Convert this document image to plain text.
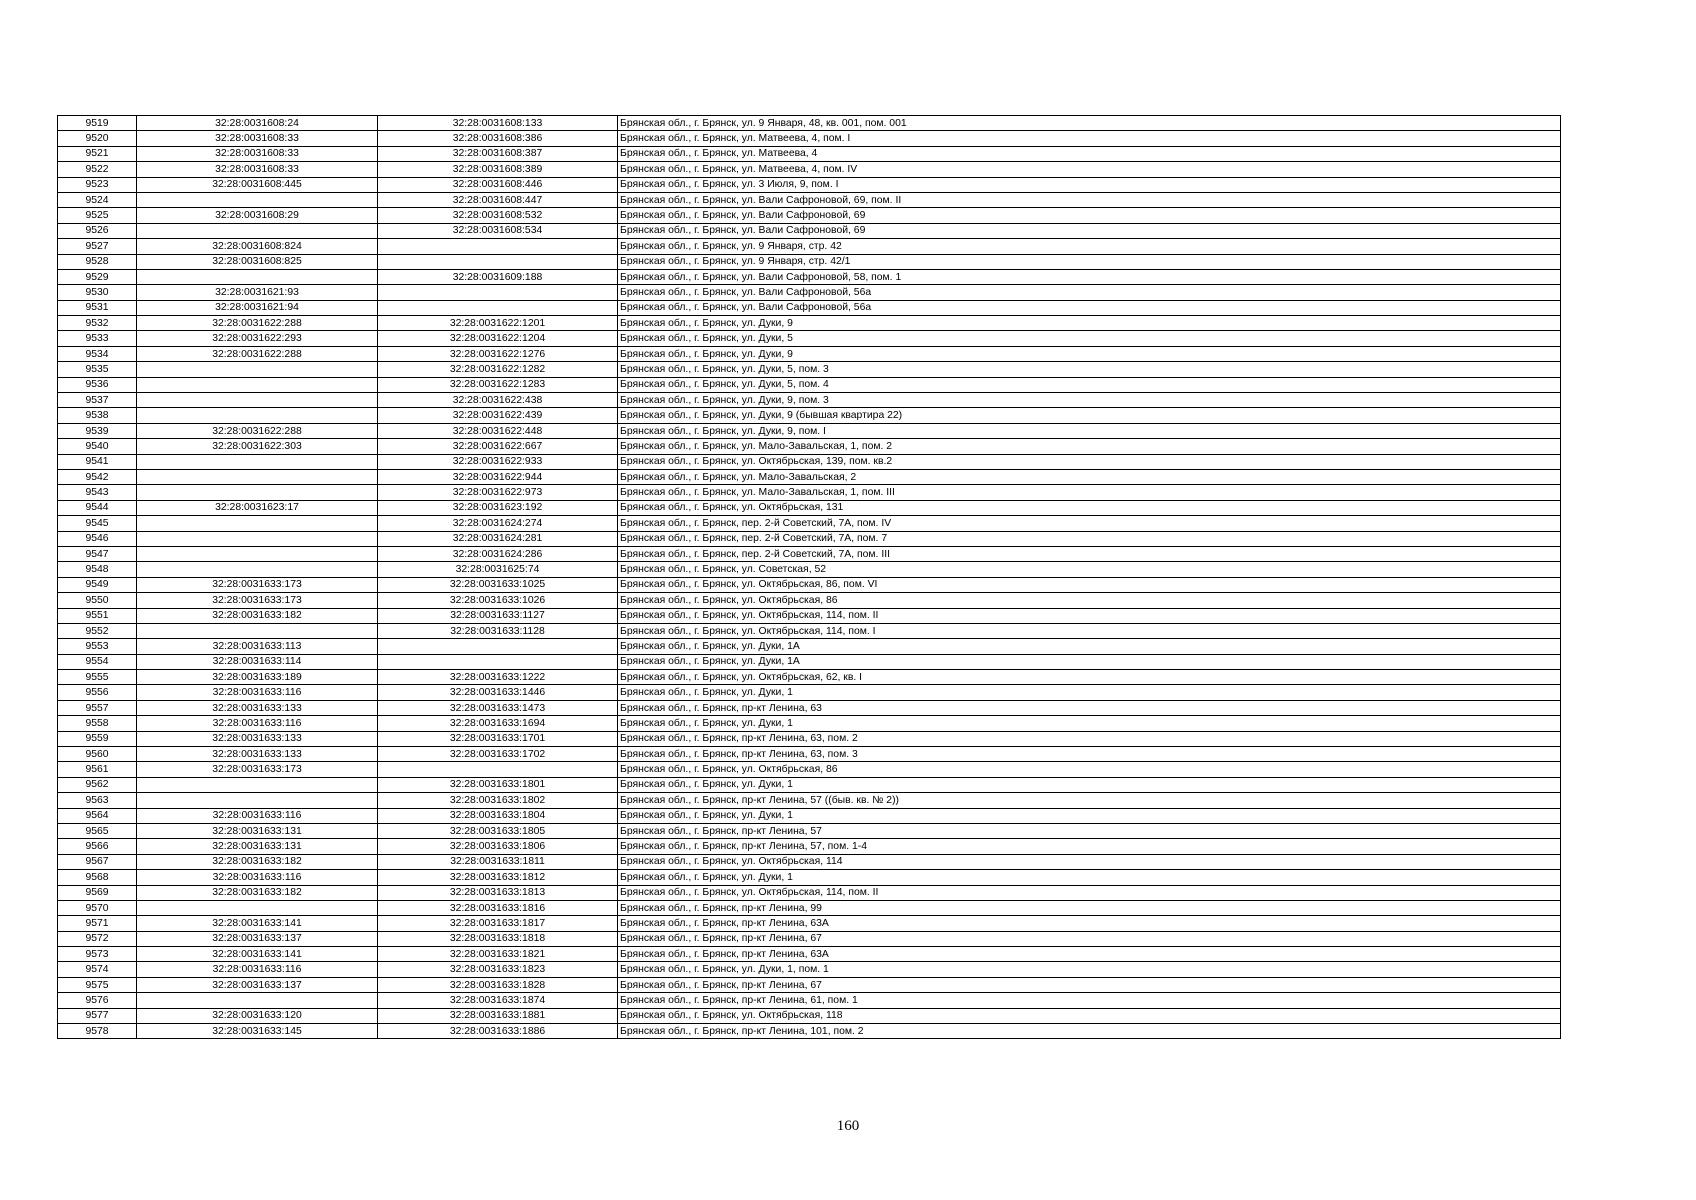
9519	32:28:0031608:24	32:28:0031608:133	Брянская обл., г. Брянск, ул. 9 Января, 48, кв. 001, пом. 001
9520	32:28:0031608:33	32:28:0031608:386	Брянская обл., г. Брянск, ул. Матвеева, 4, пом. I
9521	32:28:0031608:33	32:28:0031608:387	Брянская обл., г. Брянск, ул. Матвеева, 4
9522	32:28:0031608:33	32:28:0031608:389	Брянская обл., г. Брянск, ул. Матвеева, 4, пом. IV
9523	32:28:0031608:445	32:28:0031608:446	Брянская обл., г. Брянск, ул. 3 Июля, 9, пом. I
9524		32:28:0031608:447	Брянская обл., г. Брянск, ул. Вали Сафроновой, 69, пом. II
9525	32:28:0031608:29	32:28:0031608:532	Брянская обл., г. Брянск, ул. Вали Сафроновой, 69
9526		32:28:0031608:534	Брянская обл., г. Брянск, ул. Вали Сафроновой, 69
9527	32:28:0031608:824		Брянская обл., г. Брянск, ул. 9 Января, стр. 42
9528	32:28:0031608:825		Брянская обл., г. Брянск, ул. 9 Января, стр. 42/1
9529		32:28:0031609:188	Брянская обл., г. Брянск, ул. Вали Сафроновой, 58, пом. 1
9530	32:28:0031621:93		Брянская обл., г. Брянск, ул. Вали Сафроновой, 56а
9531	32:28:0031621:94		Брянская обл., г. Брянск, ул. Вали Сафроновой, 56а
9532	32:28:0031622:288	32:28:0031622:1201	Брянская обл., г. Брянск, ул. Дуки, 9
9533	32:28:0031622:293	32:28:0031622:1204	Брянская обл., г. Брянск, ул. Дуки, 5
9534	32:28:0031622:288	32:28:0031622:1276	Брянская обл., г. Брянск, ул. Дуки, 9
9535		32:28:0031622:1282	Брянская обл., г. Брянск, ул. Дуки, 5, пом. 3
9536		32:28:0031622:1283	Брянская обл., г. Брянск, ул. Дуки, 5, пом. 4
9537		32:28:0031622:438	Брянская обл., г. Брянск, ул. Дуки, 9, пом. 3
9538		32:28:0031622:439	Брянская обл., г. Брянск, ул. Дуки, 9 (бывшая квартира 22)
9539	32:28:0031622:288	32:28:0031622:448	Брянская обл., г. Брянск, ул. Дуки, 9, пом. I
9540	32:28:0031622:303	32:28:0031622:667	Брянская обл., г. Брянск, ул. Мало-Завальская, 1, пом. 2
9541		32:28:0031622:933	Брянская обл., г. Брянск, ул. Октябрьская, 139, пом. кв.2
9542		32:28:0031622:944	Брянская обл., г. Брянск, ул. Мало-Завальская, 2
9543		32:28:0031622:973	Брянская обл., г. Брянск, ул. Мало-Завальская, 1, пом. III
9544	32:28:0031623:17	32:28:0031623:192	Брянская обл., г. Брянск, ул. Октябрьская, 131
9545		32:28:0031624:274	Брянская обл., г. Брянск, пер. 2-й Советский, 7А, пом. IV
9546		32:28:0031624:281	Брянская обл., г. Брянск, пер. 2-й Советский, 7А, пом. 7
9547		32:28:0031624:286	Брянская обл., г. Брянск, пер. 2-й Советский, 7А, пом. III
9548		32:28:0031625:74	Брянская обл., г. Брянск, ул. Советская, 52
9549	32:28:0031633:173	32:28:0031633:1025	Брянская обл., г. Брянск, ул. Октябрьская, 86, пом. VI
9550	32:28:0031633:173	32:28:0031633:1026	Брянская обл., г. Брянск, ул. Октябрьская, 86
9551	32:28:0031633:182	32:28:0031633:1127	Брянская обл., г. Брянск, ул. Октябрьская, 114, пом. II
9552		32:28:0031633:1128	Брянская обл., г. Брянск, ул. Октябрьская, 114, пом. I
9553	32:28:0031633:113		Брянская обл., г. Брянск, ул. Дуки, 1А
9554	32:28:0031633:114		Брянская обл., г. Брянск, ул. Дуки, 1А
9555	32:28:0031633:189	32:28:0031633:1222	Брянская обл., г. Брянск, ул. Октябрьская, 62, кв. I
9556	32:28:0031633:116	32:28:0031633:1446	Брянская обл., г. Брянск, ул. Дуки, 1
9557	32:28:0031633:133	32:28:0031633:1473	Брянская обл., г. Брянск, пр-кт Ленина, 63
9558	32:28:0031633:116	32:28:0031633:1694	Брянская обл., г. Брянск, ул. Дуки, 1
9559	32:28:0031633:133	32:28:0031633:1701	Брянская обл., г. Брянск, пр-кт Ленина, 63, пом. 2
9560	32:28:0031633:133	32:28:0031633:1702	Брянская обл., г. Брянск, пр-кт Ленина, 63, пом. 3
9561	32:28:0031633:173		Брянская обл., г. Брянск, ул. Октябрьская, 86
9562		32:28:0031633:1801	Брянская обл., г. Брянск, ул. Дуки, 1
9563		32:28:0031633:1802	Брянская обл., г. Брянск, пр-кт Ленина, 57 ((быв. кв. № 2))
9564	32:28:0031633:116	32:28:0031633:1804	Брянская обл., г. Брянск, ул. Дуки, 1
9565	32:28:0031633:131	32:28:0031633:1805	Брянская обл., г. Брянск, пр-кт Ленина, 57
9566	32:28:0031633:131	32:28:0031633:1806	Брянская обл., г. Брянск, пр-кт Ленина, 57, пом. 1-4
9567	32:28:0031633:182	32:28:0031633:1811	Брянская обл., г. Брянск, ул. Октябрьская, 114
9568	32:28:0031633:116	32:28:0031633:1812	Брянская обл., г. Брянск, ул. Дуки, 1
9569	32:28:0031633:182	32:28:0031633:1813	Брянская обл., г. Брянск, ул. Октябрьская, 114, пом. II
9570		32:28:0031633:1816	Брянская обл., г. Брянск, пр-кт Ленина, 99
9571	32:28:0031633:141	32:28:0031633:1817	Брянская обл., г. Брянск, пр-кт Ленина, 63А
9572	32:28:0031633:137	32:28:0031633:1818	Брянская обл., г. Брянск, пр-кт Ленина, 67
9573	32:28:0031633:141	32:28:0031633:1821	Брянская обл., г. Брянск, пр-кт Ленина, 63А
9574	32:28:0031633:116	32:28:0031633:1823	Брянская обл., г. Брянск, ул. Дуки, 1, пом. 1
9575	32:28:0031633:137	32:28:0031633:1828	Брянская обл., г. Брянск, пр-кт Ленина, 67
9576		32:28:0031633:1874	Брянская обл., г. Брянск, пр-кт Ленина, 61, пом. 1
9577	32:28:0031633:120	32:28:0031633:1881	Брянская обл., г. Брянск, ул. Октябрьская, 118
9578	32:28:0031633:145	32:28:0031633:1886	Брянская обл., г. Брянск, пр-кт Ленина, 101, пом. 2
160
